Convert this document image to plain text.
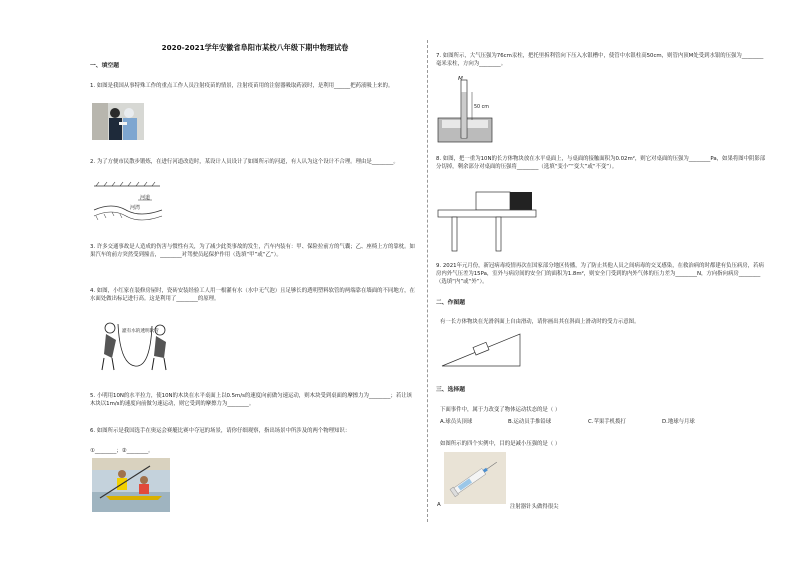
2020-2021学年安徽省阜阳市某校八年级下期中物理试卷
一、填空题
1. 如图是我国从事特殊工作的重点工作人员注射疫苗的情景，注射疫苗用的注射器吸取药液时，是利用______把药液吸上来的。
2. 为了方便市民散步锻炼，在进行河道改造时，某设计人员设计了如图所示的河道，有人认为这个设计不合理。理由是________。
河道
河湾
3. 许多交通事故是人造成的伤害与惯性有关，为了减少此类事故的发生，汽车内装有：甲、保险拉前方的气囊；乙、座椅上方的靠枕。如果汽车的前方突然受到撞击，________对驾驶员起保护作用（选填“甲”或“乙”）。
4. 如图，小红家在装修房屋时，瓷砖安装经验工人用一根灌有水（水中无气泡）且足够长的透明塑料软管的两端靠在墙面的不同地方，在水面处做出标记进行高。这是利用了________的原理。
灌有水的透明软管
5. 小明用10N的水平拉力，使10N的木块在水平桌面上以0.5m/s的速度向前做匀速运动，则木块受到桌面的摩擦力为________；若让该木块以1m/s的速度向前做匀速运动，则它受到的摩擦力为________。
6. 如图所示是我国选手在奥运会赛艇比赛中夺冠的场景，请你仔细观察，指出场景中所涉及的两个物理知识：
①________；②________。
7. 如图所示，大气压强为76cm汞柱，把托里拆利管向下压入水银槽中，使管中水银柱高50cm，则管内顶M处受到水银的压强为________毫米汞柱，方向为________。
M
50 cm
8. 如图，把一重为10N的长方体物块放在水平桌面上，与桌面的接触面积为0.02m²，则它对桌面的压强为________Pa，如果将图中阴影部分切掉，剩余部分对桌面的压强将________（选填“变小”“变大”或“不变”）。
9. 2021年元月份，新冠病毒疫情再次在国家部分地区传播，为了防止其他人员之间病毒的交叉感染，在救治病的时都建有负压病房，若病房内外气压差为15Pa，室外与病房间的安全门的面积为1.8m²，则安全门受到的内外气体的压力差为________N，方向指向病房________（选填“内”或“外”）。
二、作图题
有一长方体物块在光滑斜面上自由滑动，请你画出其在斜面上滑动时的受力示意图。
三、选择题
下面事件中，属于力改变了物体运动状态的是（ ）
A.球员头顶球	B.运动员手推铅球	C.苹果手机拨打	D.地球与月球
如图所示的四个实例中，目的是减小压强的是（ ）
A	注射器针头做得很尖
